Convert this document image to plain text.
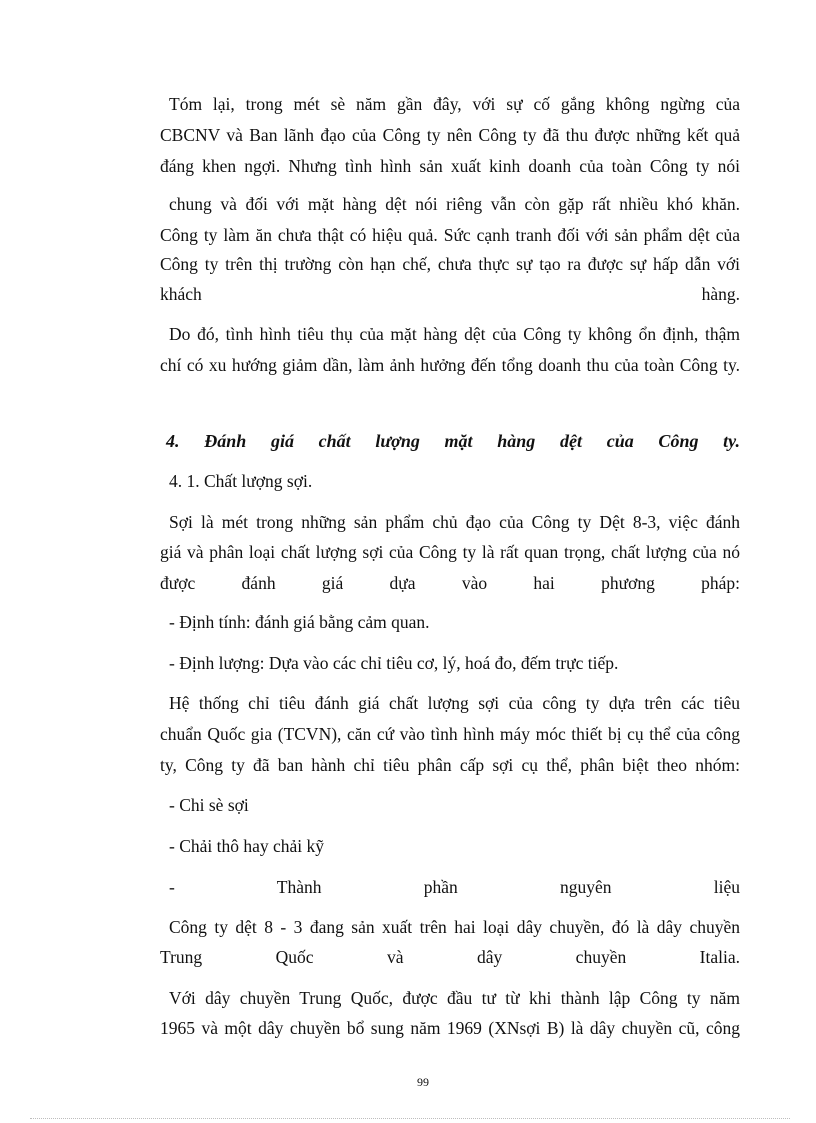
Tóm lại, trong mét sè năm gần đây, với sự cố gắng không ngừng của
CBCNV và Ban lãnh đạo của Công ty nên Công ty đã thu được những kết quả
đáng khen ngợi. Nhưng tình hình sản xuất kinh doanh của toàn Công ty nói
chung và đối với mặt hàng dệt nói riêng vẫn còn gặp rất nhiều khó khăn.
Công ty làm ăn chưa thật có hiệu quả. Sức cạnh tranh đối với sản phẩm dệt của
Công ty trên thị trường còn hạn chế, chưa thực sự tạo ra được sự hấp dẫn với
khách hàng.
Do đó, tình hình tiêu thụ của mặt hàng dệt của Công ty không ổn định, thậm
chí có xu hướng giảm dần, làm ảnh hưởng đến tổng doanh thu của toàn Công ty.
4. Đánh giá chất lượng mặt hàng dệt của Công ty.
4. 1. Chất lượng sợi.
Sợi là mét trong những sản phẩm chủ đạo của Công ty Dệt 8-3, việc đánh
giá và phân loại chất lượng sợi của Công ty là rất quan trọng, chất lượng của nó
được đánh giá dựa vào hai phương pháp:
- Định tính: đánh giá bằng cảm quan.
- Định lượng: Dựa vào các chỉ tiêu cơ, lý, hoá đo, đếm trực tiếp.
Hệ thống chỉ tiêu đánh giá chất lượng sợi của công ty dựa trên các tiêu
chuẩn Quốc gia (TCVN), căn cứ vào tình hình máy móc thiết bị cụ thể của công
ty, Công ty đã ban hành chỉ tiêu phân cấp sợi cụ thể, phân biệt theo nhóm:
- Chi sè sợi
- Chải thô hay chải kỹ
- Thành phần nguyên liệu
Công ty dệt 8 - 3 đang sản xuất trên hai loại dây chuyền, đó là dây chuyền
Trung Quốc và dây chuyền Italia.
Với dây chuyền Trung Quốc, được đầu tư từ khi thành lập Công ty năm
1965 và một dây chuyền bổ sung năm 1969 (XNsợi B) là dây chuyền cũ, công
99
